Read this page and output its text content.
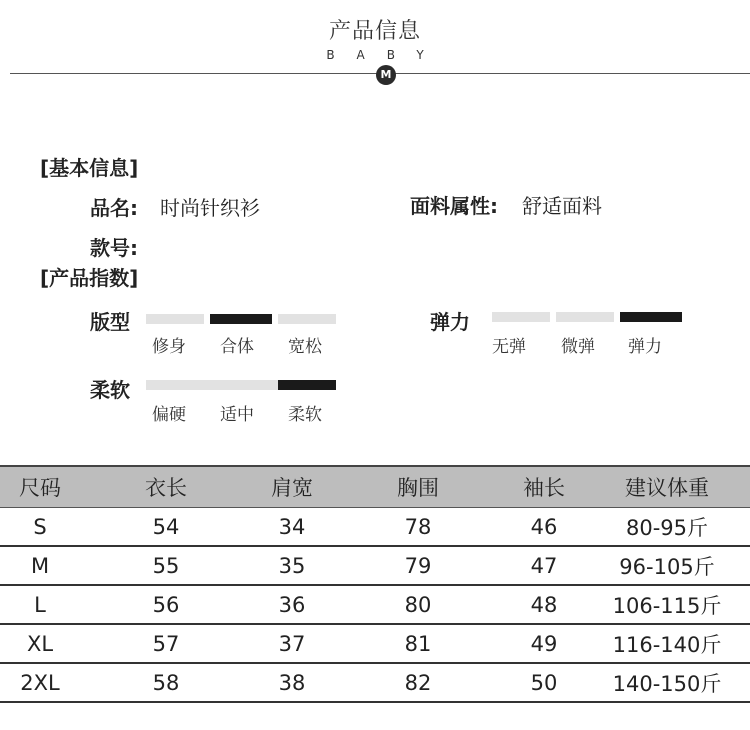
产品信息
BABY
M
[基本信息]
品名: 时尚针织衫	面料属性: 舒适面料
款号:
[产品指数]
版型
修身 合体 宽松
弹力
无弹 微弹 弹力
柔软
偏硬 适中 柔软
尺码	衣长	肩宽	胸围	袖长	建议体重
S	54	34	78	46	80-95斤
M	55	35	79	47	96-105斤
L	56	36	80	48	106-115斤
XL	57	37	81	49	116-140斤
2XL	58	38	82	50	140-150斤
